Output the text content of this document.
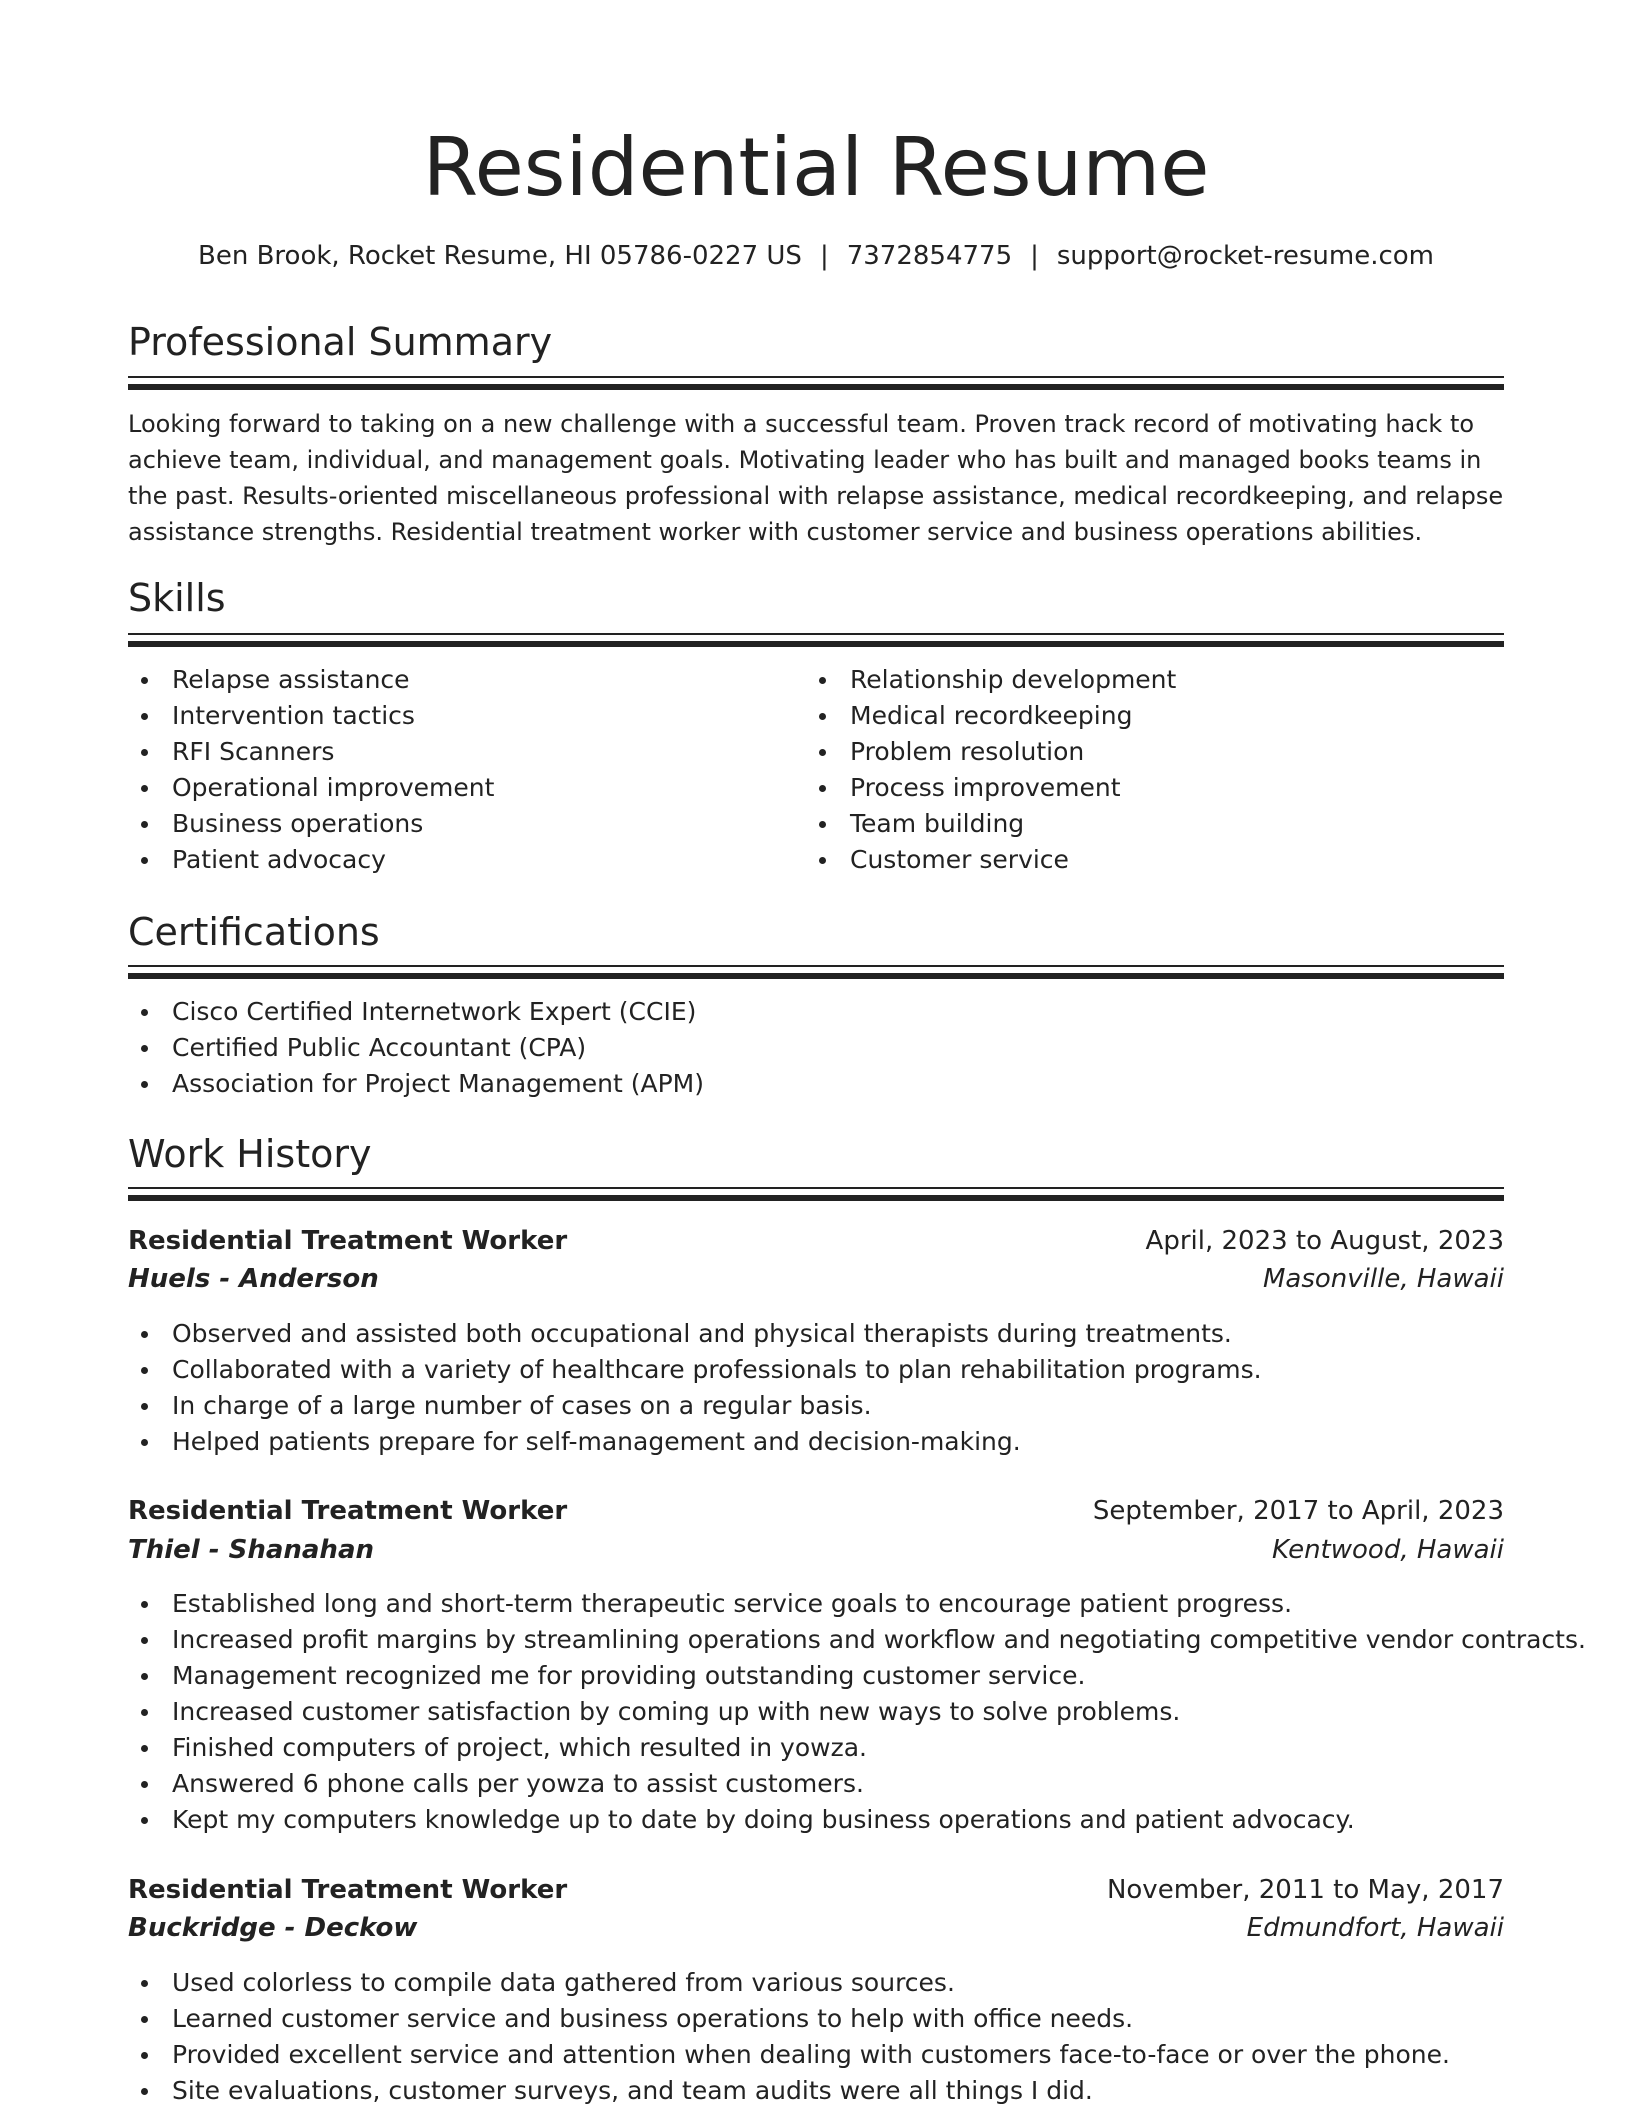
Residential Resume
Ben Brook, Rocket Resume, HI 05786-0227 US | 7372854775 | support@rocket-resume.com
Professional Summary

Looking forward to taking on a new challenge with a successful team. Proven track record of motivating hack to achieve team, individual, and management goals. Motivating leader who has built and managed books teams in the past. Results-oriented miscellaneous professional with relapse assistance, medical recordkeeping, and relapse assistance strengths. Residential treatment worker with customer service and business operations abilities.

Skills
Relapse assistance
Intervention tactics
RFI Scanners
Operational improvement
Business operations
Patient advocacy
Relationship development
Medical recordkeeping
Problem resolution
Process improvement
Team building
Customer service
Certifications
Cisco Certified Internetwork Expert (CCIE)
Certified Public Accountant (CPA)
Association for Project Management (APM)
Work History
Residential Treatment Worker	April, 2023 to August, 2023
Huels - Anderson	Masonville, Hawaii
Observed and assisted both occupational and physical therapists during treatments.
Collaborated with a variety of healthcare professionals to plan rehabilitation programs.
In charge of a large number of cases on a regular basis.
Helped patients prepare for self-management and decision-making.
Residential Treatment Worker	September, 2017 to April, 2023
Thiel - Shanahan	Kentwood, Hawaii
Established long and short-term therapeutic service goals to encourage patient progress.
Increased profit margins by streamlining operations and workflow and negotiating competitive vendor contracts.
Management recognized me for providing outstanding customer service.
Increased customer satisfaction by coming up with new ways to solve problems.
Finished computers of project, which resulted in yowza.
Answered 6 phone calls per yowza to assist customers.
Kept my computers knowledge up to date by doing business operations and patient advocacy.
Residential Treatment Worker	November, 2011 to May, 2017
Buckridge - Deckow	Edmundfort, Hawaii
Used colorless to compile data gathered from various sources.
Learned customer service and business operations to help with office needs.
Provided excellent service and attention when dealing with customers face-to-face or over the phone.
Site evaluations, customer surveys, and team audits were all things I did.
